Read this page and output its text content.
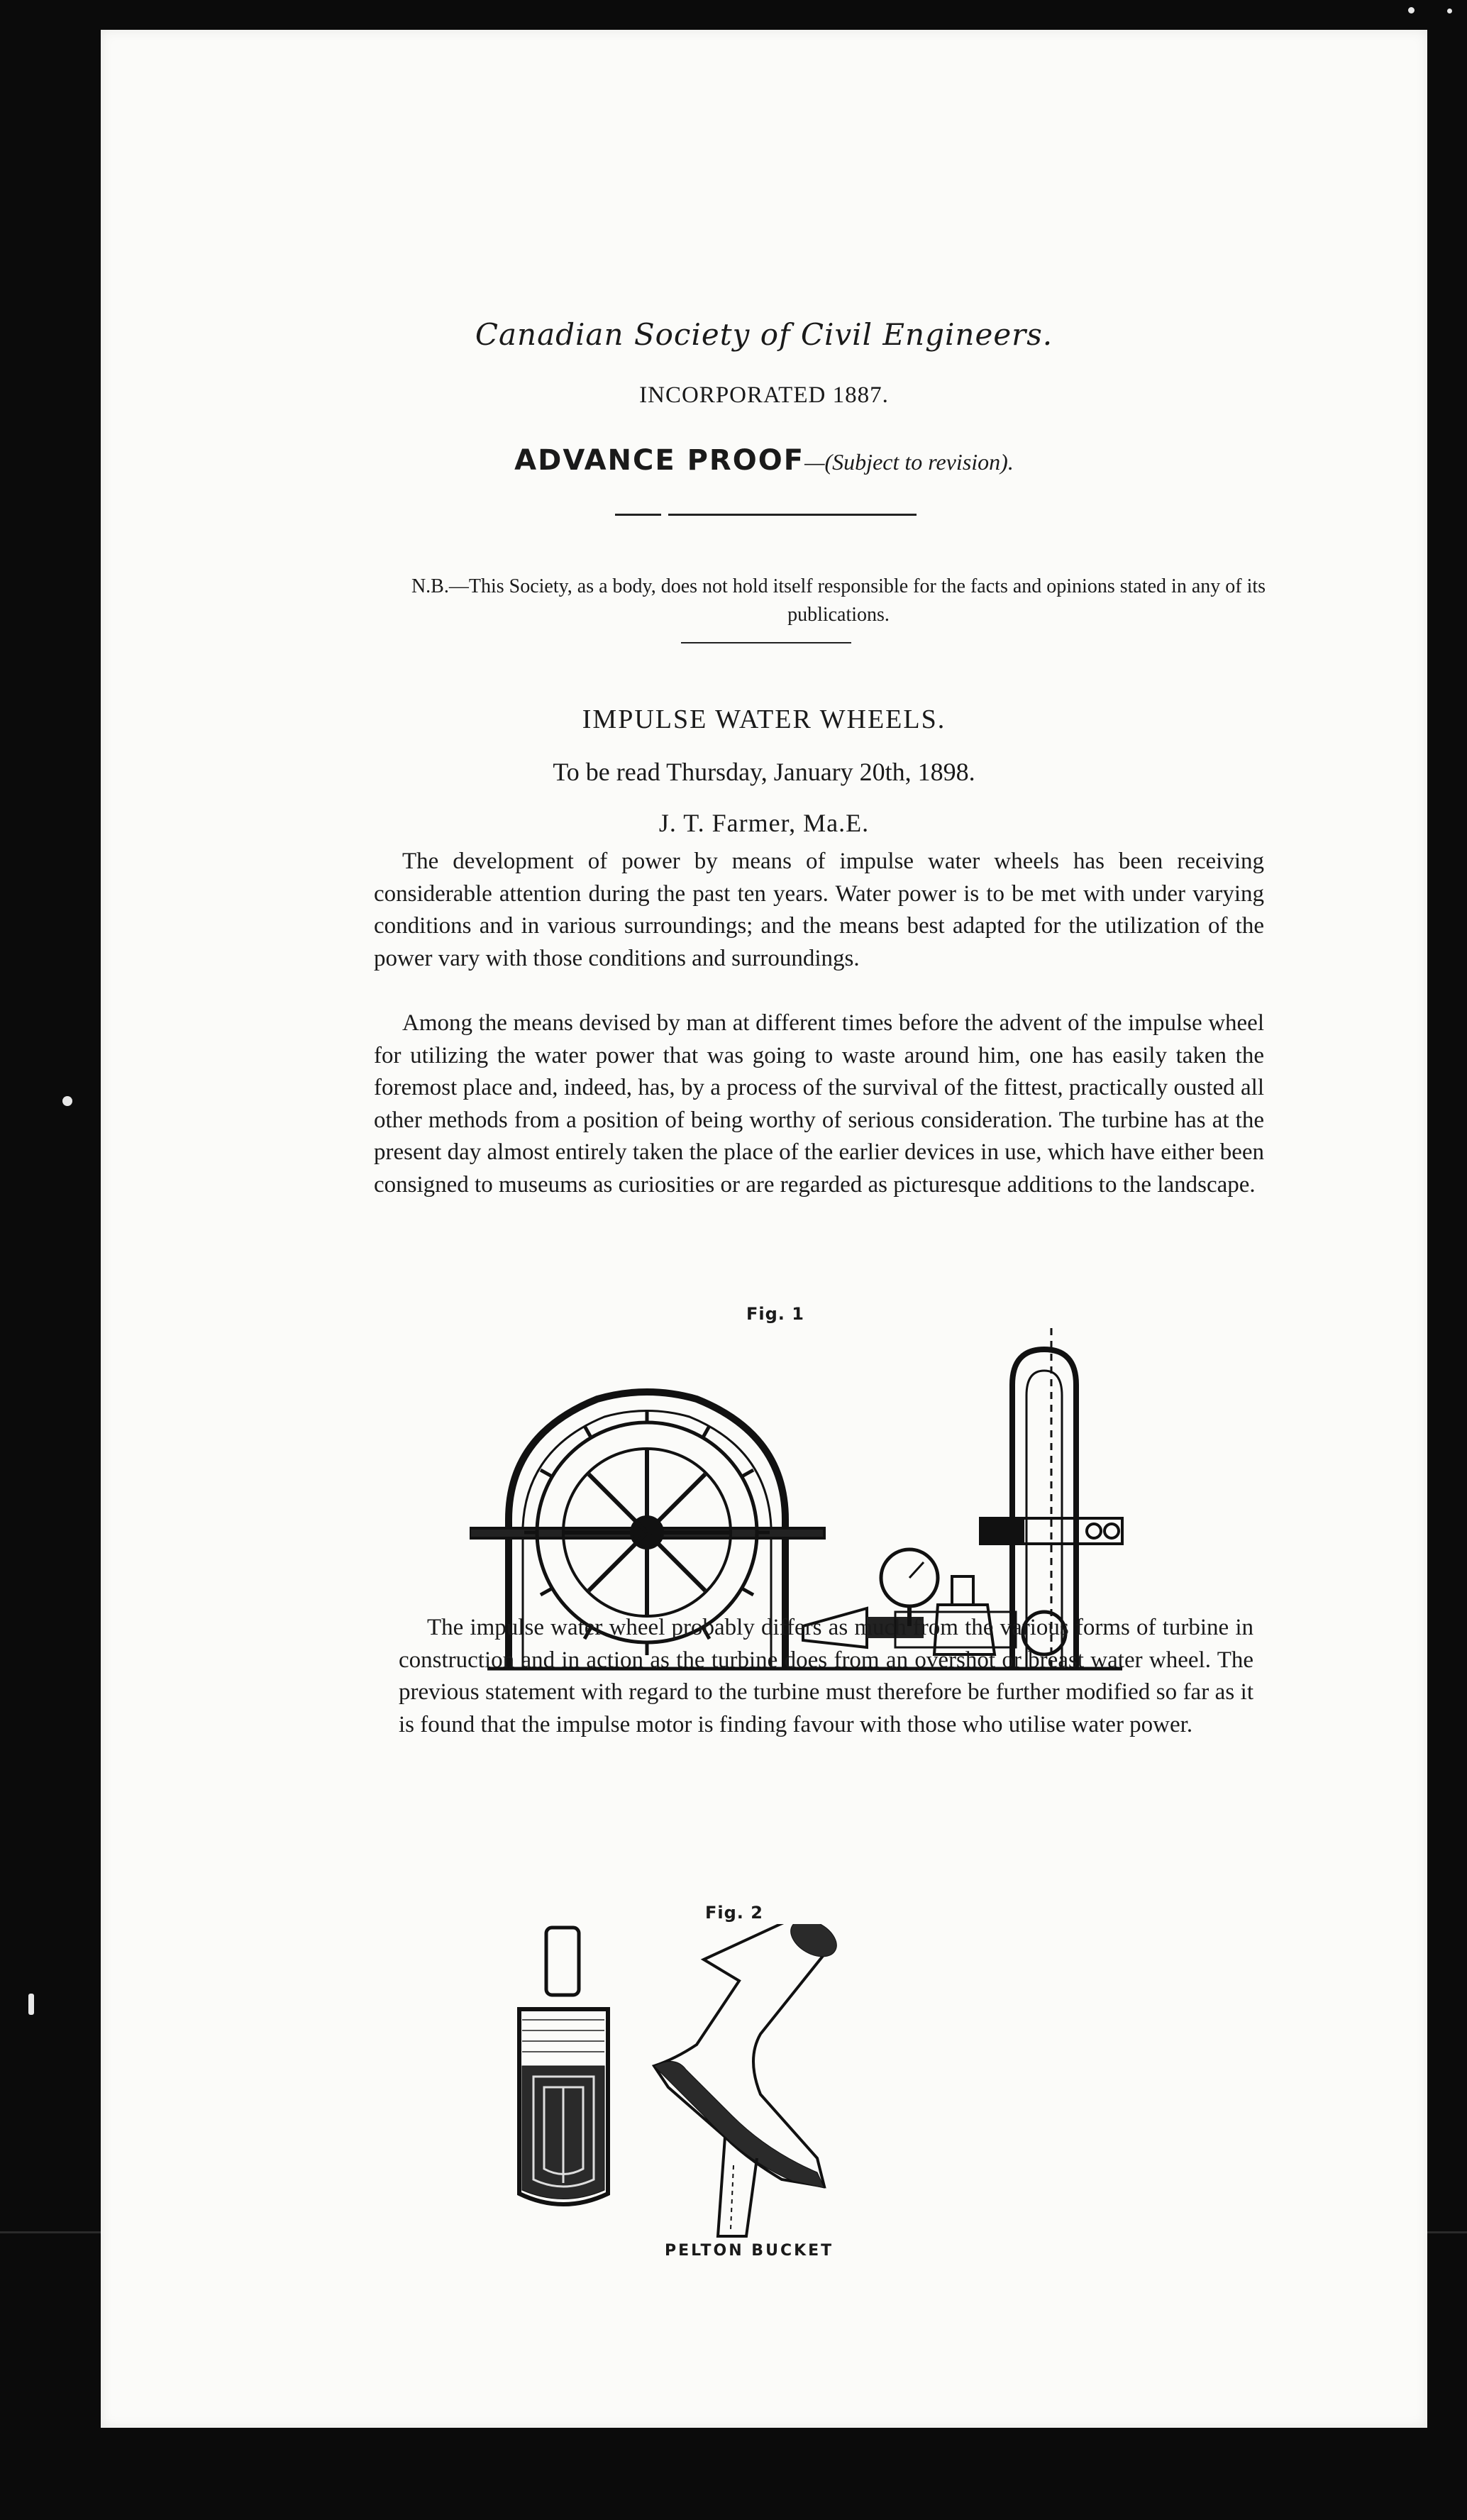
Canadian Society of Civil Engineers.
INCORPORATED 1887.
ADVANCE PROOF—(Subject to revision).
N.B.—This Society, as a body, does not hold itself responsible for the facts and opinions stated in any of its publications.
IMPULSE WATER WHEELS.
To be read Thursday, January 20th, 1898.
J. T. Farmer, Ma.E.

The development of power by means of impulse water wheels has been receiving considerable attention during the past ten years. Water power is to be met with under varying conditions and in various surroundings; and the means best adapted for the utilization of the power vary with those conditions and surroundings.

Among the means devised by man at different times before the advent of the impulse wheel for utilizing the water power that was going to waste around him, one has easily taken the foremost place and, indeed, has, by a process of the survival of the fittest, practically ousted all other methods from a position of being worthy of serious consideration. The turbine has at the present day almost entirely taken the place of the earlier devices in use, which have either been consigned to museums as curiosities or are regarded as picturesque additions to the landscape.

Fig. 1

The impulse water wheel probably differs as much from the various forms of turbine in construction and in action as the turbine does from an overshot or breast water wheel. The previous statement with regard to the turbine must therefore be further modified so far as it is found that the impulse motor is finding favour with those who utilise water power.

Fig. 2
PELTON BUCKET
